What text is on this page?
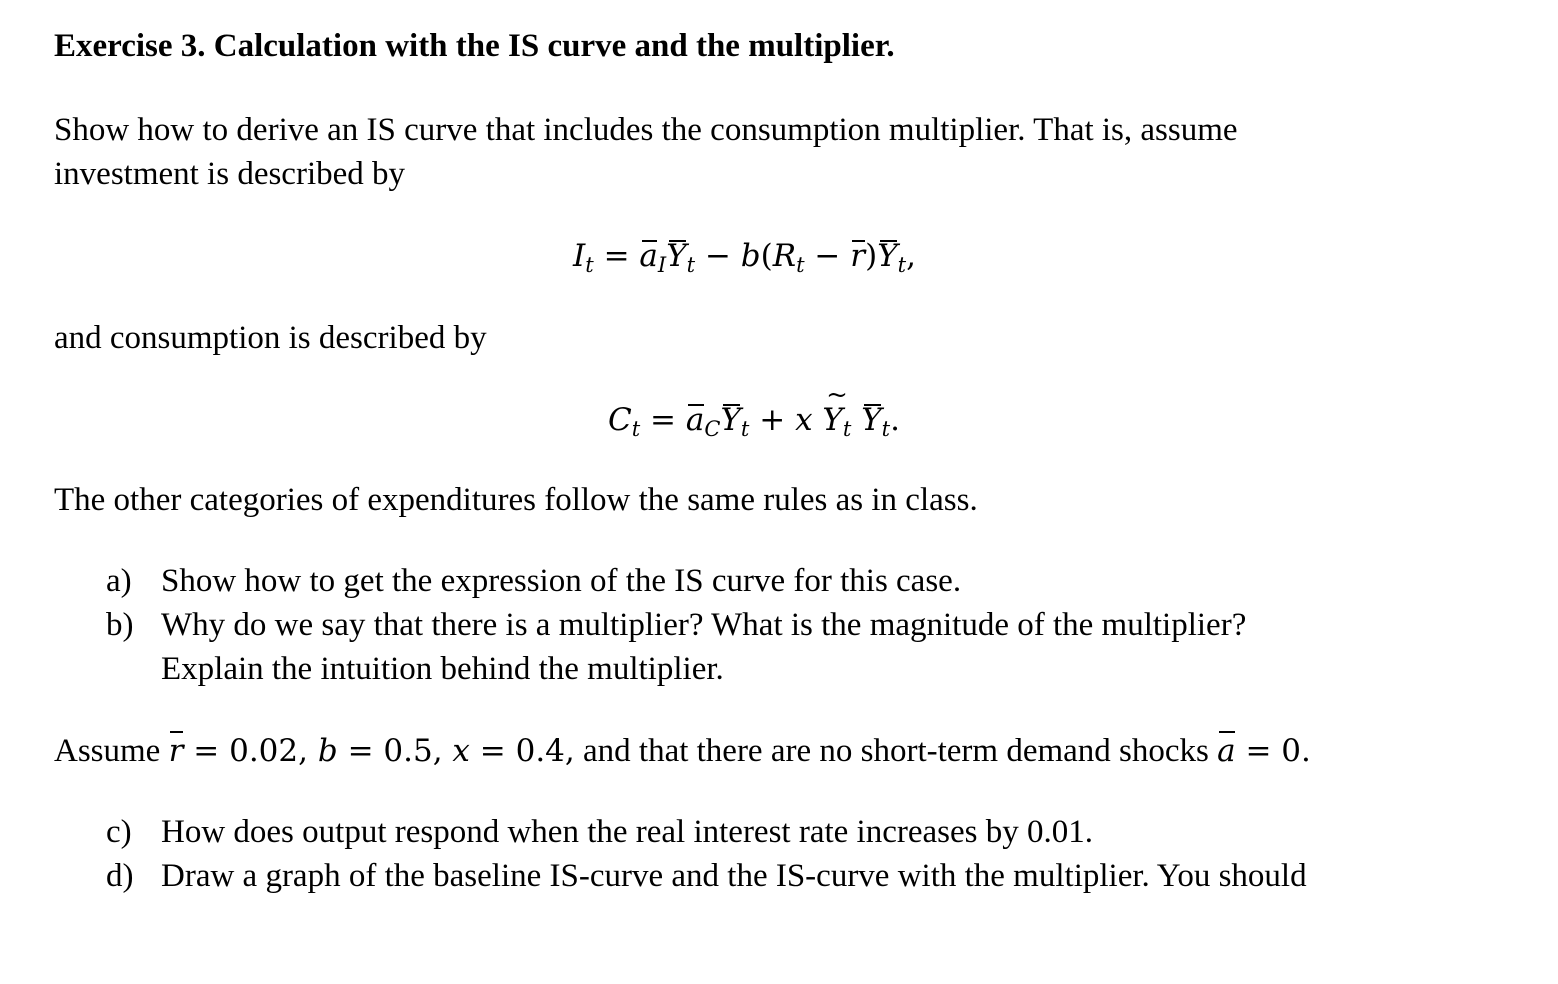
Exercise 3. Calculation with the IS curve and the multiplier.
Show how to derive an IS curve that includes the consumption multiplier. That is, assume
investment is described by
$I_t = a_IY_t - b(R_t - r)Y_t$,
and consumption is described by
$C_t = a_CY_t + x$ ~ $Y_t$ $Y_t$.
The other categories of expenditures follow the same rules as in class.
a) Show how to get the expression of the IS curve for this case.
b) Why do we say that there is a multiplier? What is the magnitude of the multiplier?
Explain the intuition behind the multiplier.
Assume r = 0.02, b = 0.5, x = 0.4, and that there are no short-term demand shocks a = 0.
c) How does output respond when the real interest rate increases by 0.01.
d) Draw a graph of the baseline IS-curve and the IS-curve with the multiplier. You should
